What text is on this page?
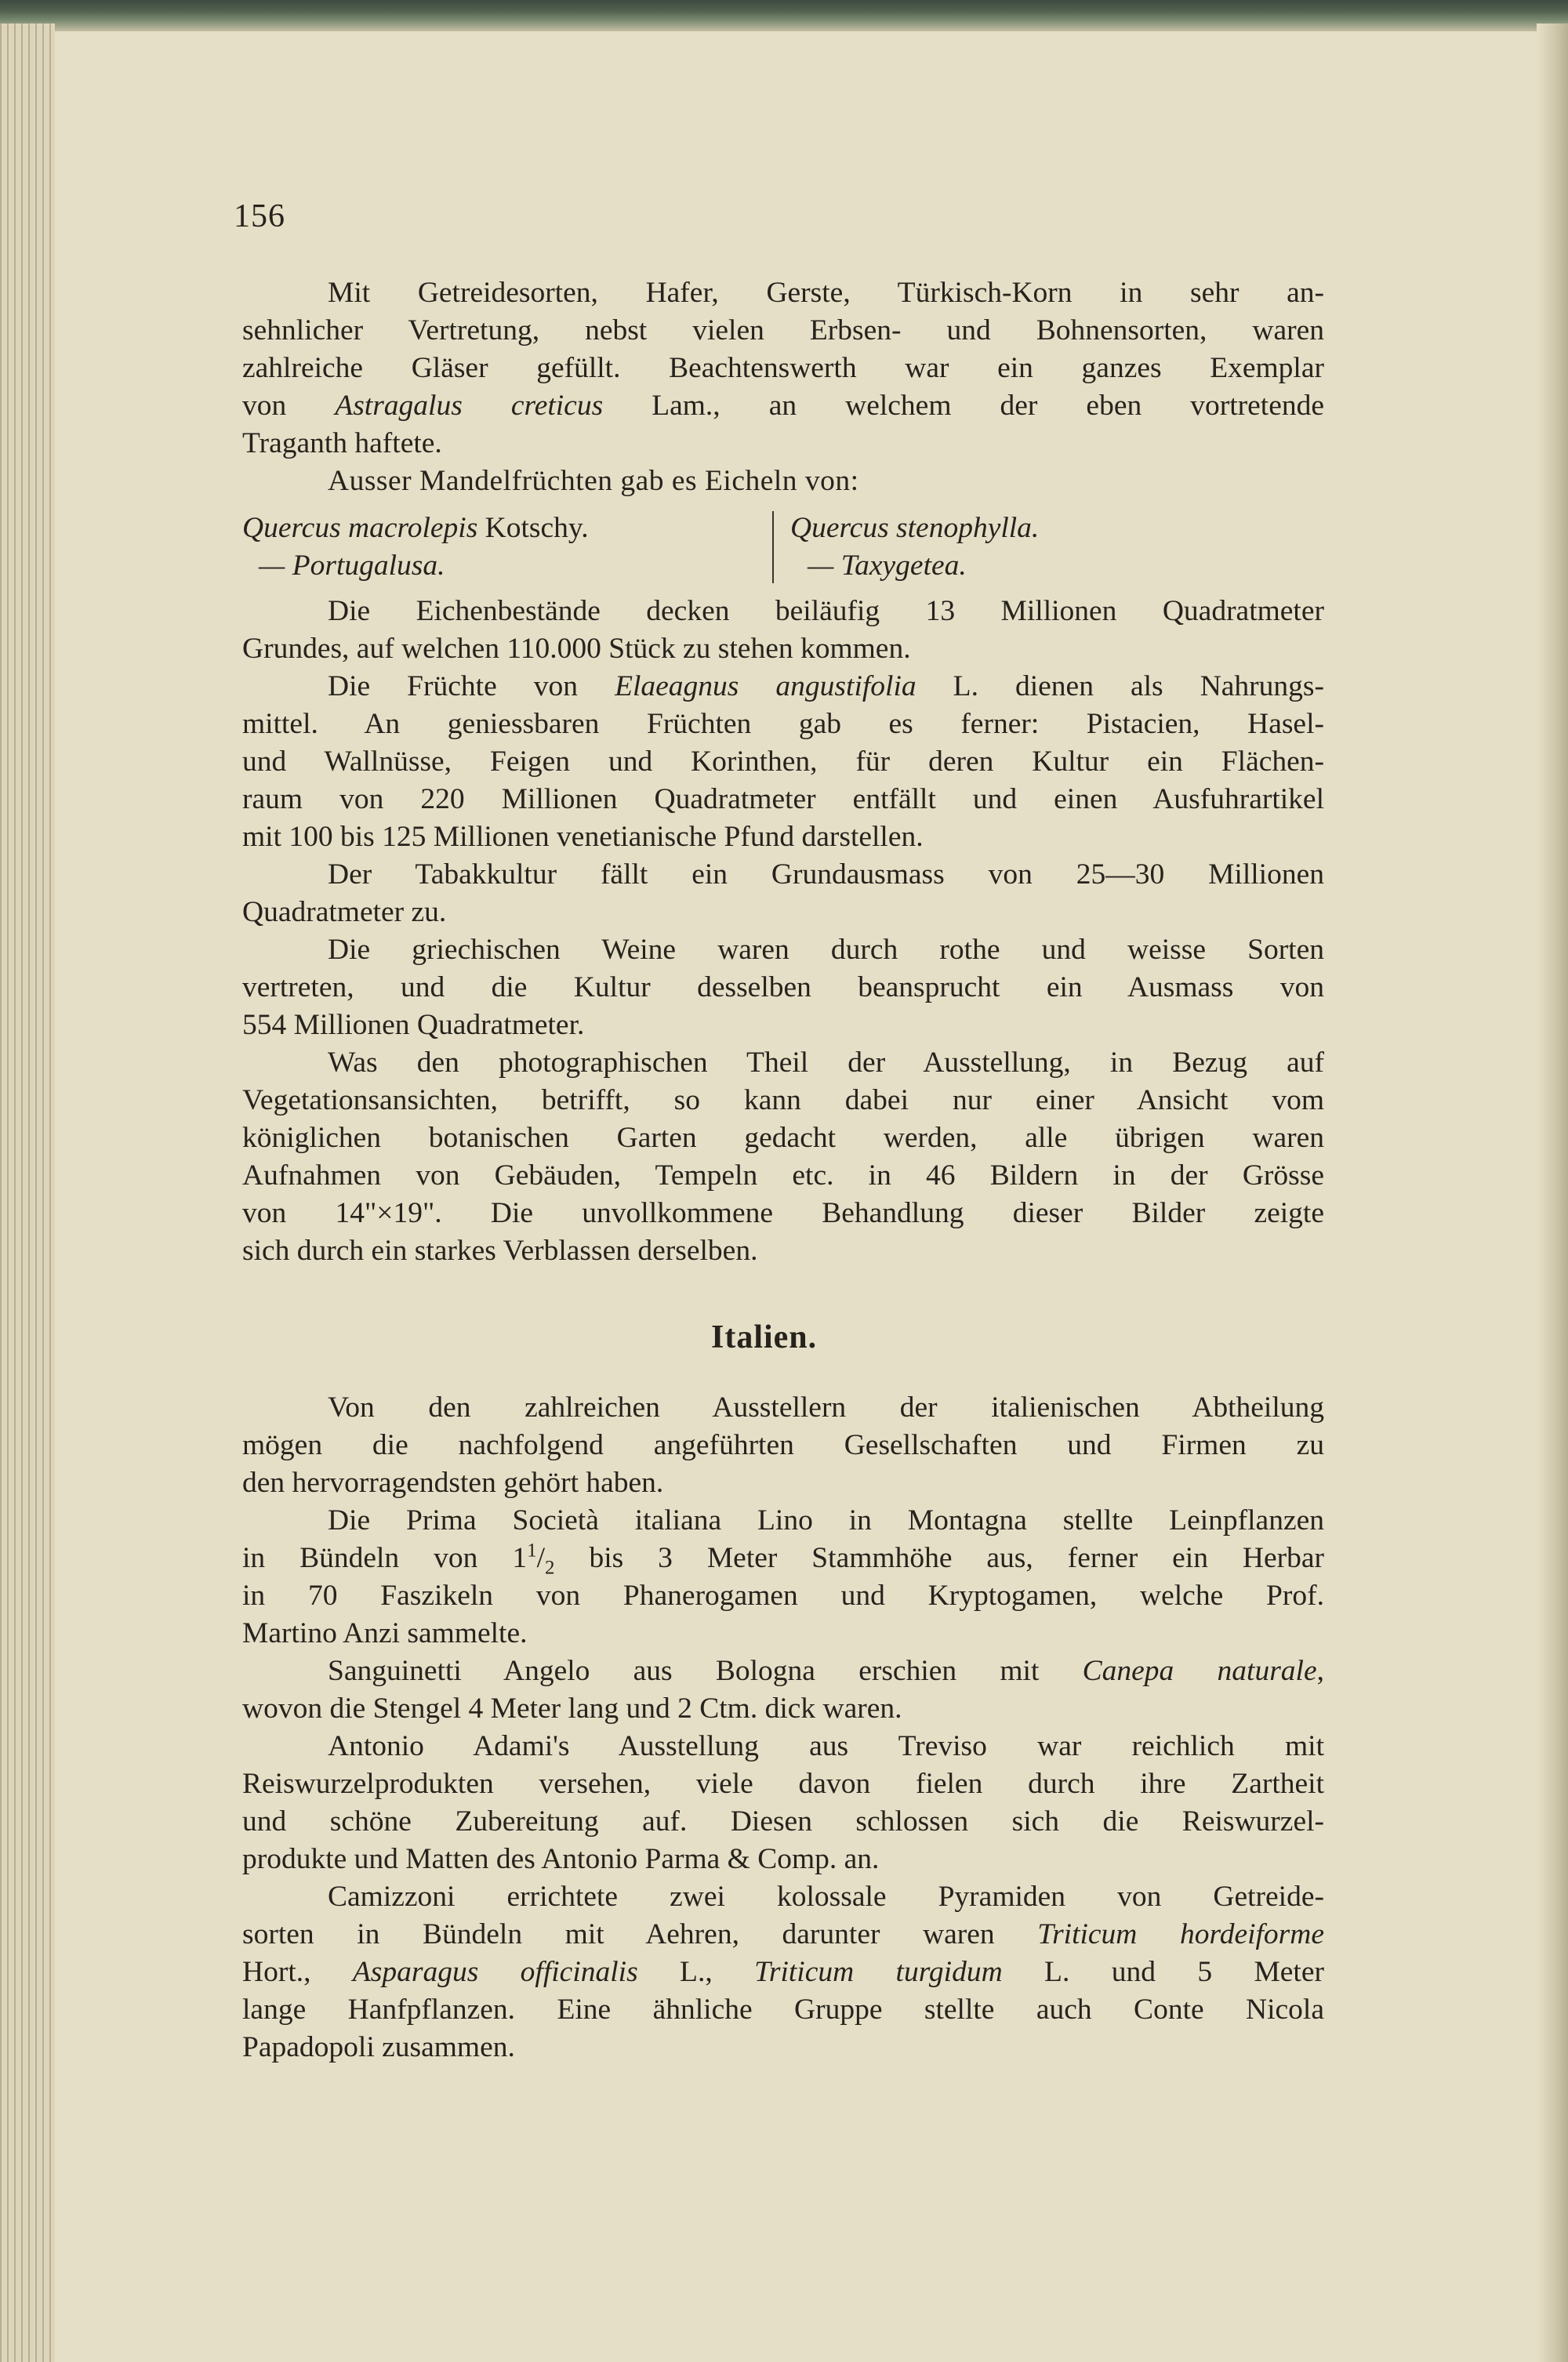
156
Mit Getreidesorten, Hafer, Gerste, Türkisch-Korn in sehr an-
sehnlicher Vertretung, nebst vielen Erbsen- und Bohnensorten, waren
zahlreiche Gläser gefüllt. Beachtenswerth war ein ganzes Exemplar
von Astragalus creticus Lam., an welchem der eben vortretende
Traganth haftete.
Ausser Mandelfrüchten gab es Eicheln von:
Quercus macrolepis Kotschy.
— Portugalusa.
Quercus stenophylla.
— Taxygetea.
Die Eichenbestände decken beiläufig 13 Millionen Quadratmeter
Grundes, auf welchen 110.000 Stück zu stehen kommen.
Die Früchte von Elaeagnus angustifolia L. dienen als Nahrungs-
mittel. An geniessbaren Früchten gab es ferner: Pistacien, Hasel-
und Wallnüsse, Feigen und Korinthen, für deren Kultur ein Flächen-
raum von 220 Millionen Quadratmeter entfällt und einen Ausfuhrartikel
mit 100 bis 125 Millionen venetianische Pfund darstellen.
Der Tabakkultur fällt ein Grundausmass von 25—30 Millionen
Quadratmeter zu.
Die griechischen Weine waren durch rothe und weisse Sorten
vertreten, und die Kultur desselben beansprucht ein Ausmass von
554 Millionen Quadratmeter.
Was den photographischen Theil der Ausstellung, in Bezug auf
Vegetationsansichten, betrifft, so kann dabei nur einer Ansicht vom
königlichen botanischen Garten gedacht werden, alle übrigen waren
Aufnahmen von Gebäuden, Tempeln etc. in 46 Bildern in der Grösse
von 14"×19". Die unvollkommene Behandlung dieser Bilder zeigte
sich durch ein starkes Verblassen derselben.
Italien.
Von den zahlreichen Ausstellern der italienischen Abtheilung
mögen die nachfolgend angeführten Gesellschaften und Firmen zu
den hervorragendsten gehört haben.
Die Prima Società italiana Lino in Montagna stellte Leinpflanzen
in Bündeln von $1^1/_2$ bis 3 Meter Stammhöhe aus, ferner ein Herbar
in 70 Faszikeln von Phanerogamen und Kryptogamen, welche Prof.
Martino Anzi sammelte.
Sanguinetti Angelo aus Bologna erschien mit Canepa naturale,
wovon die Stengel 4 Meter lang und 2 Ctm. dick waren.
Antonio Adami's Ausstellung aus Treviso war reichlich mit
Reiswurzelprodukten versehen, viele davon fielen durch ihre Zartheit
und schöne Zubereitung auf. Diesen schlossen sich die Reiswurzel-
produkte und Matten des Antonio Parma & Comp. an.
Camizzoni errichtete zwei kolossale Pyramiden von Getreide-
sorten in Bündeln mit Aehren, darunter waren Triticum hordeiforme
Hort., Asparagus officinalis L., Triticum turgidum L. und 5 Meter
lange Hanfpflanzen. Eine ähnliche Gruppe stellte auch Conte Nicola
Papadopoli zusammen.
